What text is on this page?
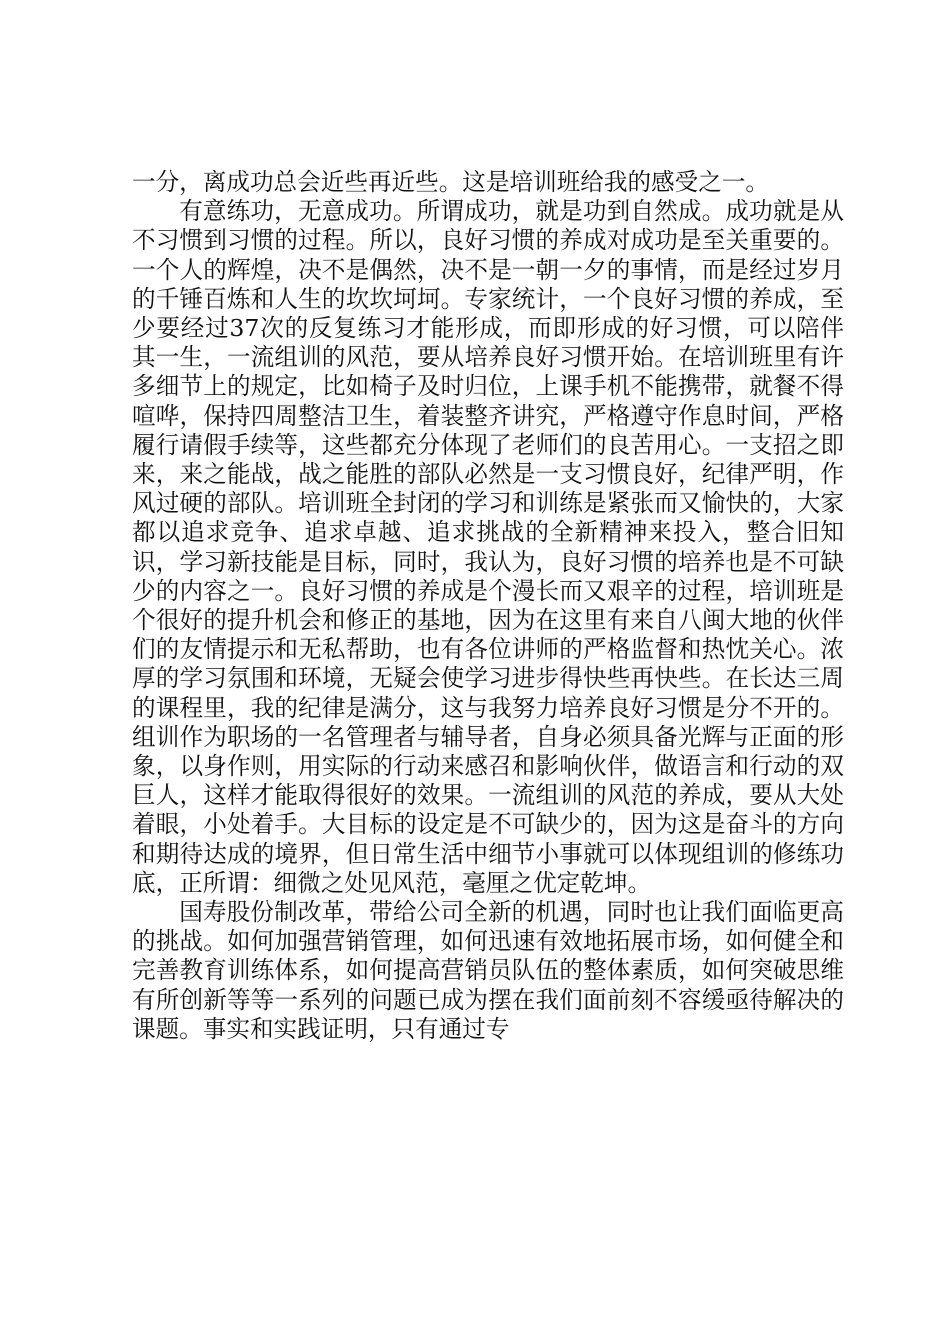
一分，离成功总会近些再近些。这是培训班给我的感受之一。

有意练功，无意成功。所谓成功，就是功到自然成。成功就是从不习惯到习惯的过程。所以，良好习惯的养成对成功是至关重要的。一个人的辉煌，决不是偶然，决不是一朝一夕的事情，而是经过岁月的千锤百炼和人生的坎坎坷坷。专家统计，一个良好习惯的养成，至少要经过37次的反复练习才能形成，而即形成的好习惯，可以陪伴其一生，一流组训的风范，要从培养良好习惯开始。在培训班里有许多细节上的规定，比如椅子及时归位，上课手机不能携带，就餐不得喧哗，保持四周整洁卫生，着装整齐讲究，严格遵守作息时间，严格履行请假手续等，这些都充分体现了老师们的良苦用心。一支招之即来，来之能战，战之能胜的部队必然是一支习惯良好，纪律严明，作风过硬的部队。培训班全封闭的学习和训练是紧张而又愉快的，大家都以追求竞争、追求卓越、追求挑战的全新精神来投入，整合旧知识，学习新技能是目标，同时，我认为，良好习惯的培养也是不可缺少的内容之一。良好习惯的养成是个漫长而又艰辛的过程，培训班是个很好的提升机会和修正的基地，因为在这里有来自八闽大地的伙伴们的友情提示和无私帮助，也有各位讲师的严格监督和热忱关心。浓厚的学习氛围和环境，无疑会使学习进步得快些再快些。在长达三周的课程里，我的纪律是满分，这与我努力培养良好习惯是分不开的。组训作为职场的一名管理者与辅导者，自身必须具备光辉与正面的形象，以身作则，用实际的行动来感召和影响伙伴，做语言和行动的双巨人，这样才能取得很好的效果。一流组训的风范的养成，要从大处着眼，小处着手。大目标的设定是不可缺少的，因为这是奋斗的方向和期待达成的境界，但日常生活中细节小事就可以体现组训的修练功底，正所谓：细微之处见风范，毫厘之优定乾坤。

国寿股份制改革，带给公司全新的机遇，同时也让我们面临更高的挑战。如何加强营销管理，如何迅速有效地拓展市场，如何健全和完善教育训练体系，如何提高营销员队伍的整体素质，如何突破思维有所创新等等一系列的问题已成为摆在我们面前刻不容缓亟待解决的课题。事实和实践证明，只有通过专
